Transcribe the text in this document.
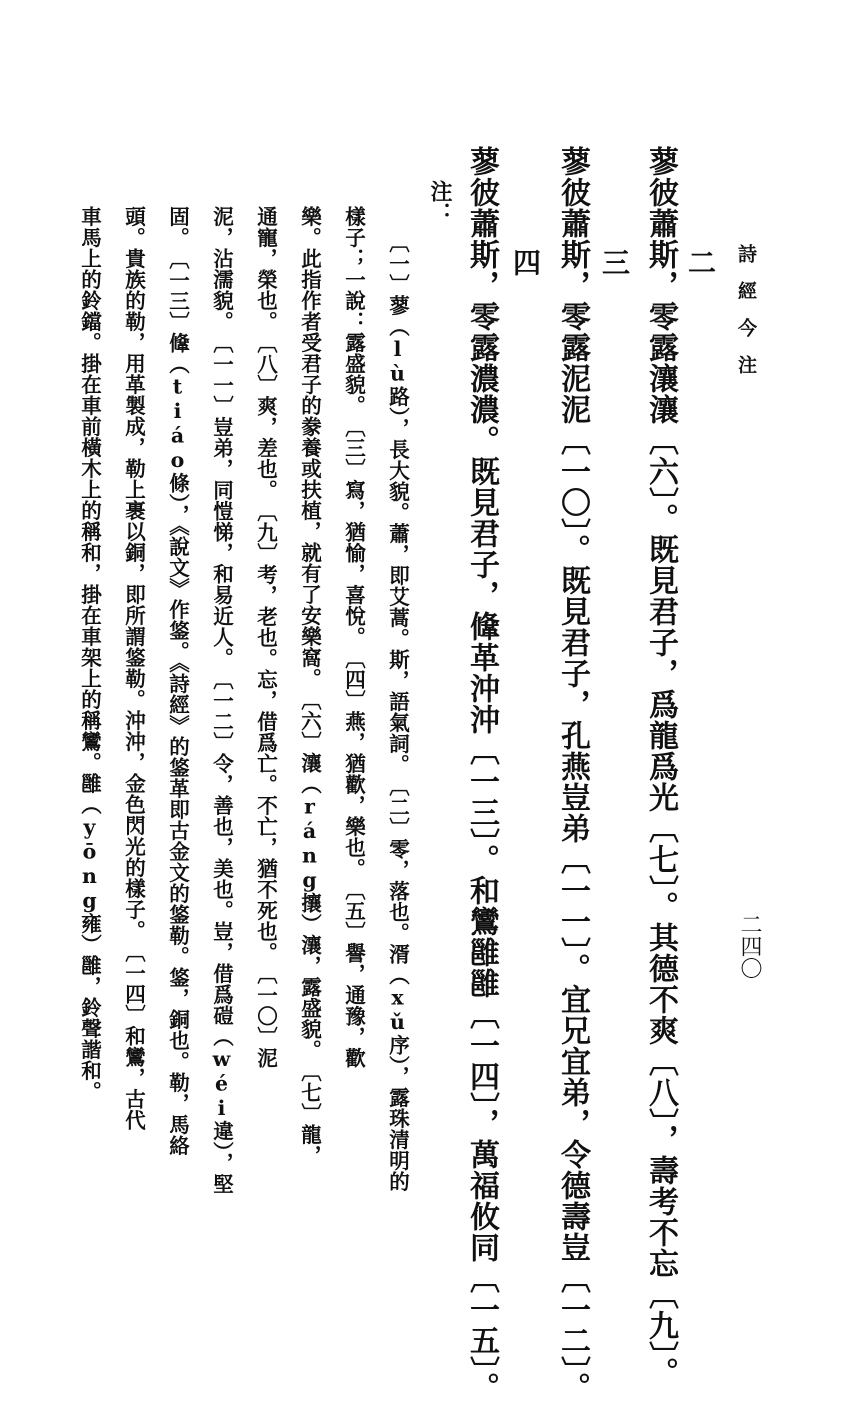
詩經今注
二四〇
二
蓼彼蕭斯，零露瀼瀼〔六〕。既見君子，爲龍爲光〔七〕。其德不爽〔八〕，壽考不忘〔九〕。
三
蓼彼蕭斯，零露泥泥〔一〇〕。既見君子，孔燕豈弟〔一一〕。宜兄宜弟，令德壽豈〔一二〕。
四
蓼彼蕭斯，零露濃濃。既見君子，鞗革沖沖〔一三〕。和鸞雝雝〔一四〕，萬福攸同〔一五〕。
注：
〔一〕蓼（lù路），長大貌。蕭，即艾蒿。斯，語氣詞。　〔二〕零，落也。湑（xǔ序），露珠清明的
樣子；一說：露盛貌。　〔三〕寫，猶愉，喜悅。　〔四〕燕，猶歡，樂也。　〔五〕譽，通豫，歡
樂。此指作者受君子的豢養或扶植，就有了安樂窩。　〔六〕瀼（ráng攘）瀼，露盛貌。　〔七〕龍，
通寵，榮也。　〔八〕爽，差也。　〔九〕考，老也。忘，借爲亡。不亡，猶不死也。　〔一〇〕泥
泥，沾濡貌。　〔一一〕豈弟，同愷悌，和易近人。　〔一二〕令，善也，美也。豈，借爲磑（wéi違），堅
固。　〔一三〕鞗（tiáo條），《說文》作鋚。《詩經》的鋚革即古金文的鋚勒。鋚，銅也。勒，馬絡
頭。貴族的勒，用革製成，勒上裹以銅，即所謂鋚勒。沖沖，金色閃光的樣子。　〔一四〕和鸞，古代
車馬上的鈴鐺。掛在車前橫木上的稱和，掛在車架上的稱鸞。雝（yōng雍）雝，鈴聲諧和。
